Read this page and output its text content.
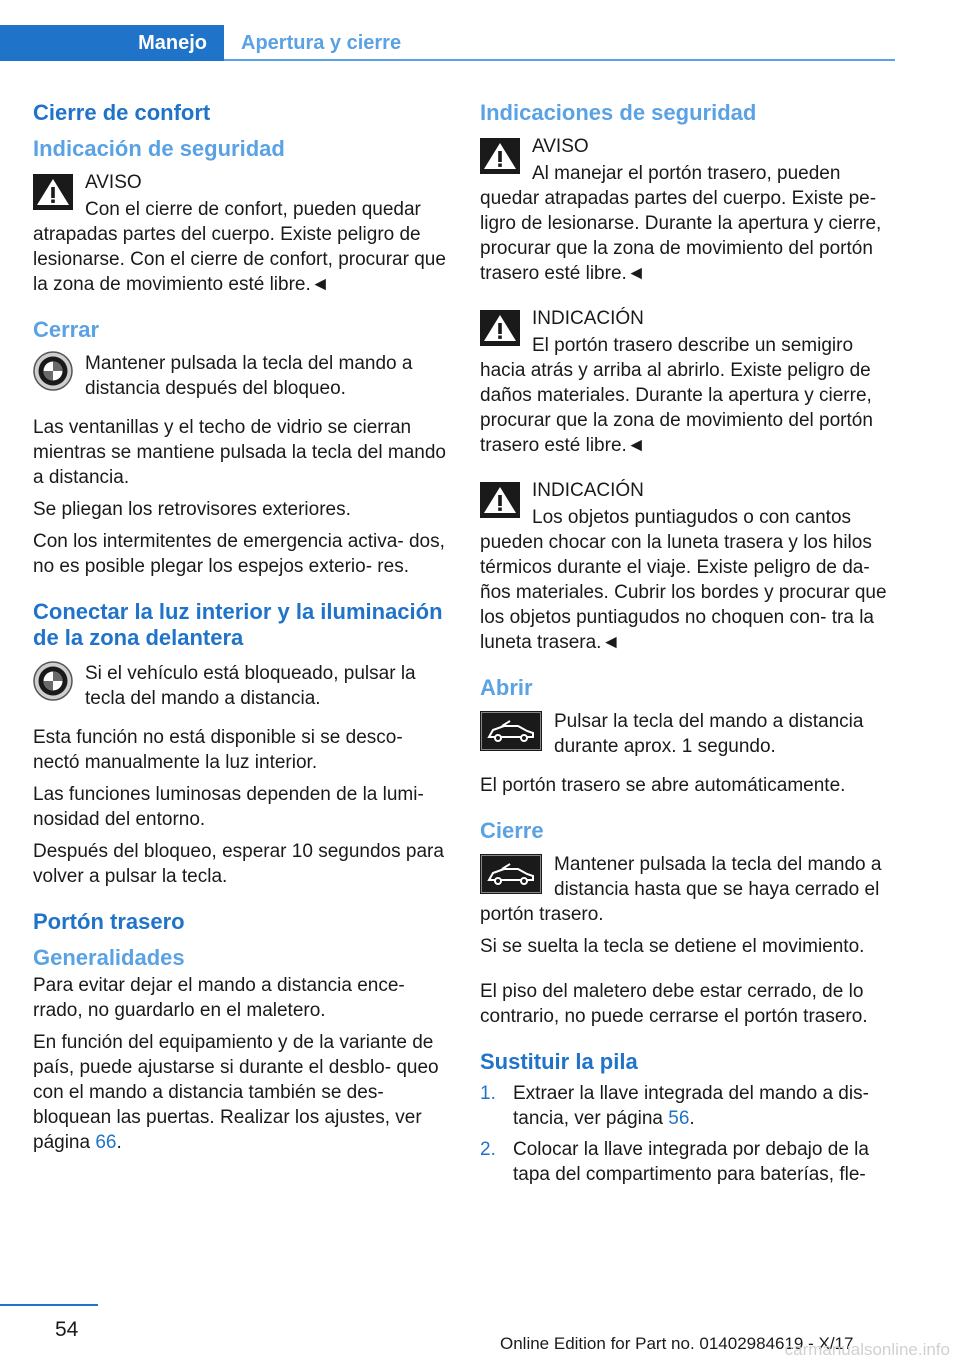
Manejo	Apertura y cierre
Cierre de confort
Indicación de seguridad

AVISO

Con el cierre de confort, pueden quedar atrapadas partes del cuerpo. Existe peligro de lesionarse. Con el cierre de confort, procurar que la zona de movimiento esté libre.◄

Cerrar

Mantener pulsada la tecla del mando a distancia después del bloqueo.

Las ventanillas y el techo de vidrio se cierran mientras se mantiene pulsada la tecla del mando a distancia.

Se pliegan los retrovisores exteriores.

Con los intermitentes de emergencia activa- dos, no es posible plegar los espejos exterio- res.

Conectar la luz interior y la iluminación de la zona delantera

Si el vehículo está bloqueado, pulsar la tecla del mando a distancia.

Esta función no está disponible si se desco- nectó manualmente la luz interior.

Las funciones luminosas dependen de la lumi- nosidad del entorno.

Después del bloqueo, esperar 10 segundos para volver a pulsar la tecla.

Portón trasero
Generalidades

Para evitar dejar el mando a distancia ence- rrado, no guardarlo en el maletero.

En función del equipamiento y de la variante de país, puede ajustarse si durante el desblo- queo con el mando a distancia también se des- bloquean las puertas. Realizar los ajustes, ver página 66.

Indicaciones de seguridad

AVISO

Al manejar el portón trasero, pueden quedar atrapadas partes del cuerpo. Existe pe- ligro de lesionarse. Durante la apertura y cierre, procurar que la zona de movimiento del portón trasero esté libre.◄

INDICACIÓN

El portón trasero describe un semigiro hacia atrás y arriba al abrirlo. Existe peligro de daños materiales. Durante la apertura y cierre, procurar que la zona de movimiento del portón trasero esté libre.◄

INDICACIÓN

Los objetos puntiagudos o con cantos pueden chocar con la luneta trasera y los hilos térmicos durante el viaje. Existe peligro de da- ños materiales. Cubrir los bordes y procurar que los objetos puntiagudos no choquen con- tra la luneta trasera.◄

Abrir

Pulsar la tecla del mando a distancia durante aprox. 1 segundo.

El portón trasero se abre automáticamente.

Cierre

Mantener pulsada la tecla del mando a distancia hasta que se haya cerrado el portón trasero.

Si se suelta la tecla se detiene el movimiento.

El piso del maletero debe estar cerrado, de lo contrario, no puede cerrarse el portón trasero.

Sustituir la pila
1. Extraer la llave integrada del mando a dis- tancia, ver página 56.
2. Colocar la llave integrada por debajo de la tapa del compartimento para baterías, fle-
54
Online Edition for Part no. 01402984619 - X/17
carmanualsonline.info
